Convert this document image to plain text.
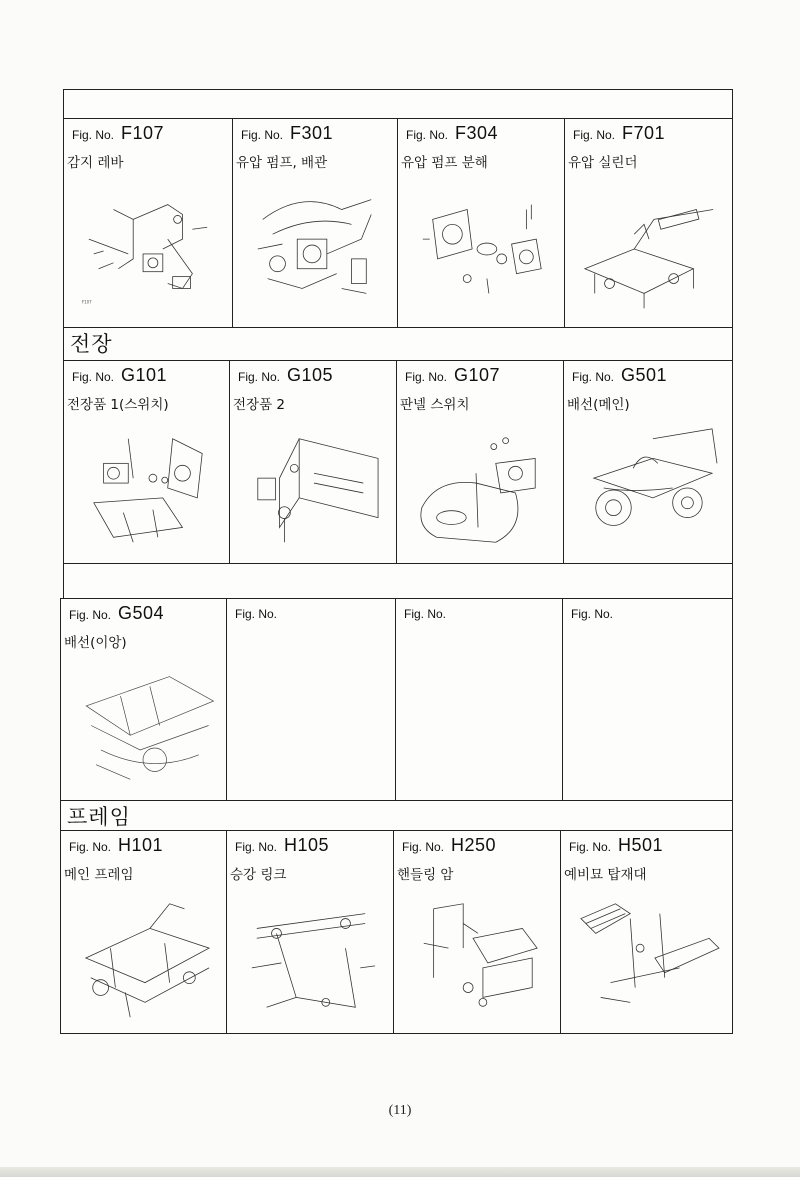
Fig. No. F107
감지 레바
F107
Fig. No. F301
유압 펌프, 배관
Fig. No. F304
유압 펌프 분해
Fig. No. F701
유압 실린더
전장
Fig. No. G101
전장품 1(스위치)
Fig. No. G105
전장품 2
Fig. No. G107
판넬 스위치
Fig. No. G501
배선(메인)
Fig. No. G504
배선(이앙)
Fig. No.	Fig. No.	Fig. No.
프레임
Fig. No. H101
메인 프레임
Fig. No. H105
승강 링크
Fig. No. H250
핸들링 암
Fig. No. H501
예비묘 탑재대
(11)
